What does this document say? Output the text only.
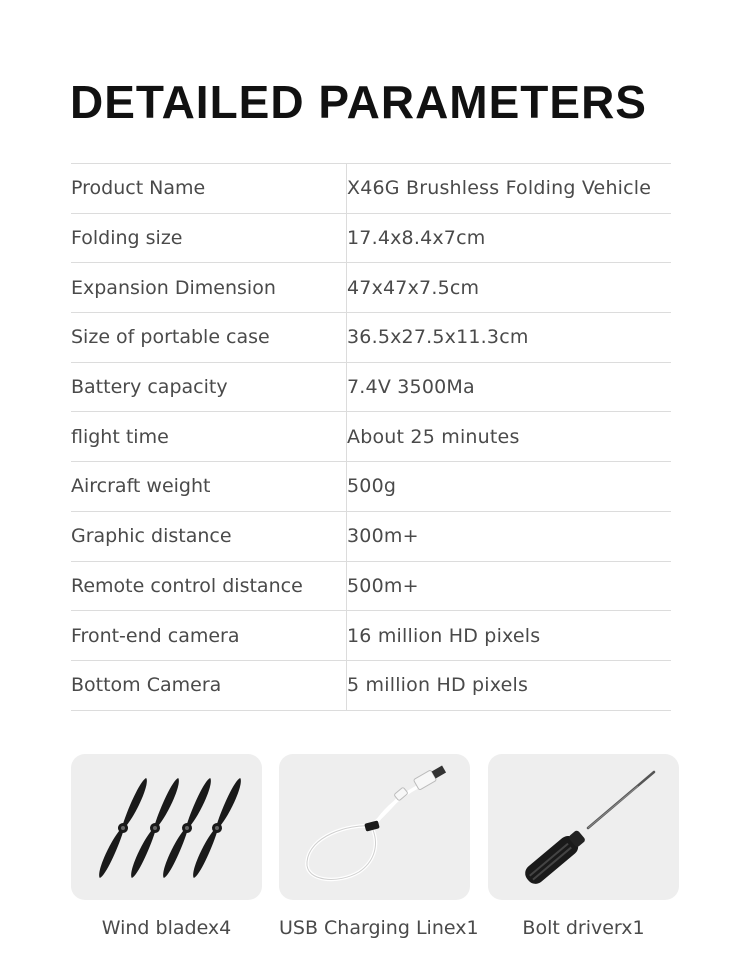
DETAILED PARAMETERS
Product Name	X46G Brushless Folding Vehicle
Folding size	17.4x8.4x7cm
Expansion Dimension	47x47x7.5cm
Size of portable case	36.5x27.5x11.3cm
Battery capacity	7.4V 3500Ma
flight time	About 25 minutes
Aircraft weight	500g
Graphic distance	300m+
Remote control distance	500m+
Front-end camera	16 million HD pixels
Bottom Camera	5 million HD pixels
Wind bladex4	USB Charging Linex1	Bolt driverx1
